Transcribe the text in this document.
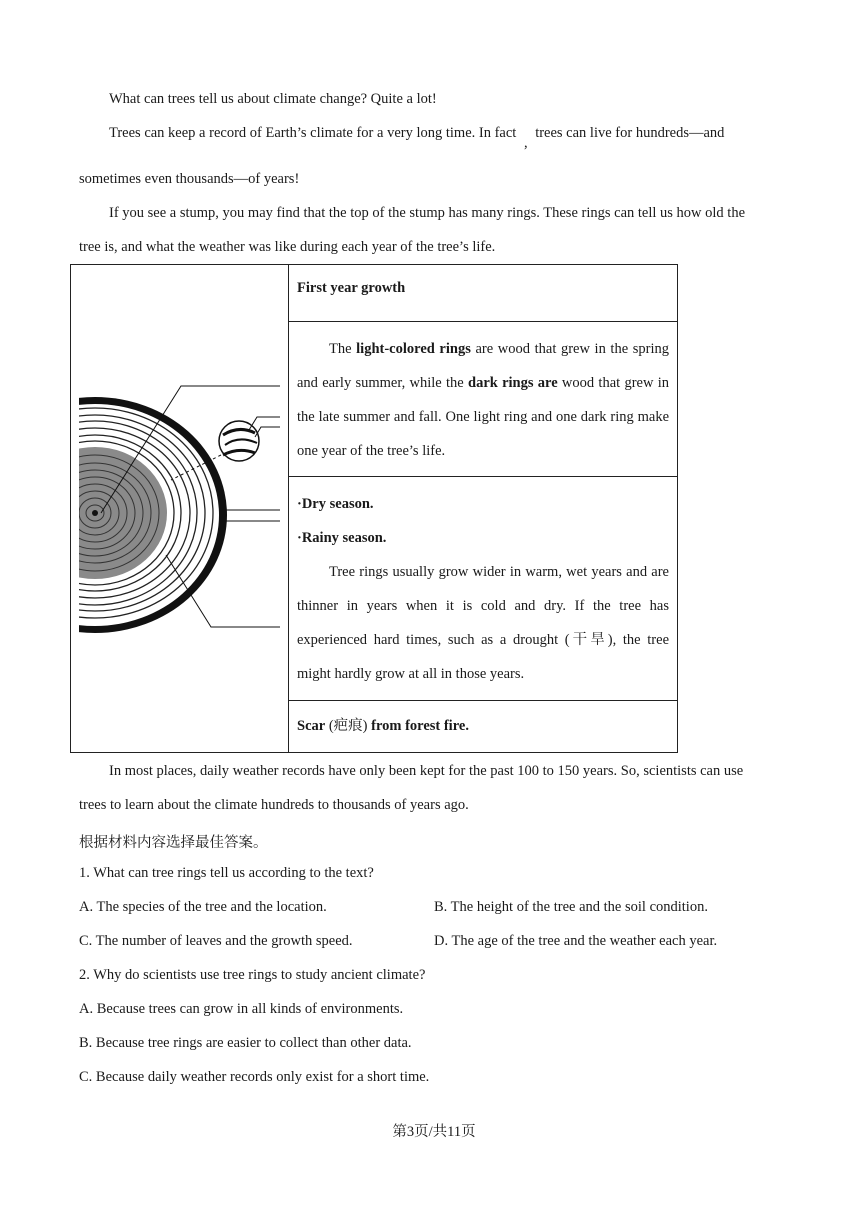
What can trees tell us about climate change? Quite a lot!
Trees can keep a record of Earth’s climate for a very long time. In fact , trees can live for hundreds—and
sometimes even thousands—of years!
If you see a stump, you may find that the top of the stump has many rings. These rings can tell us how old the
tree is, and what the weather was like during each year of the tree’s life.

First year growth

The light-colored rings are wood that grew in the spring and early summer, while the dark rings are wood that grew in the late summer and fall. One light ring and one dark ring make one year of the tree’s life.

·Dry season.
·Rainy season.
Tree rings usually grow wider in warm, wet years and are thinner in years when it is cold and dry. If the tree has experienced hard times, such as a drought (干旱), the tree might hardly grow at all in those years.

Scar (疤痕) from forest fire.
In most places, daily weather records have only been kept for the past 100 to 150 years. So, scientists can use
trees to learn about the climate hundreds to thousands of years ago.
根据材料内容选择最佳答案。
1. What can tree rings tell us according to the text?
A. The species of the tree and the location.	B. The height of the tree and the soil condition.
C. The number of leaves and the growth speed.	D. The age of the tree and the weather each year.
2. Why do scientists use tree rings to study ancient climate?
A. Because trees can grow in all kinds of environments.
B. Because tree rings are easier to collect than other data.
C. Because daily weather records only exist for a short time.
第3页/共11页
